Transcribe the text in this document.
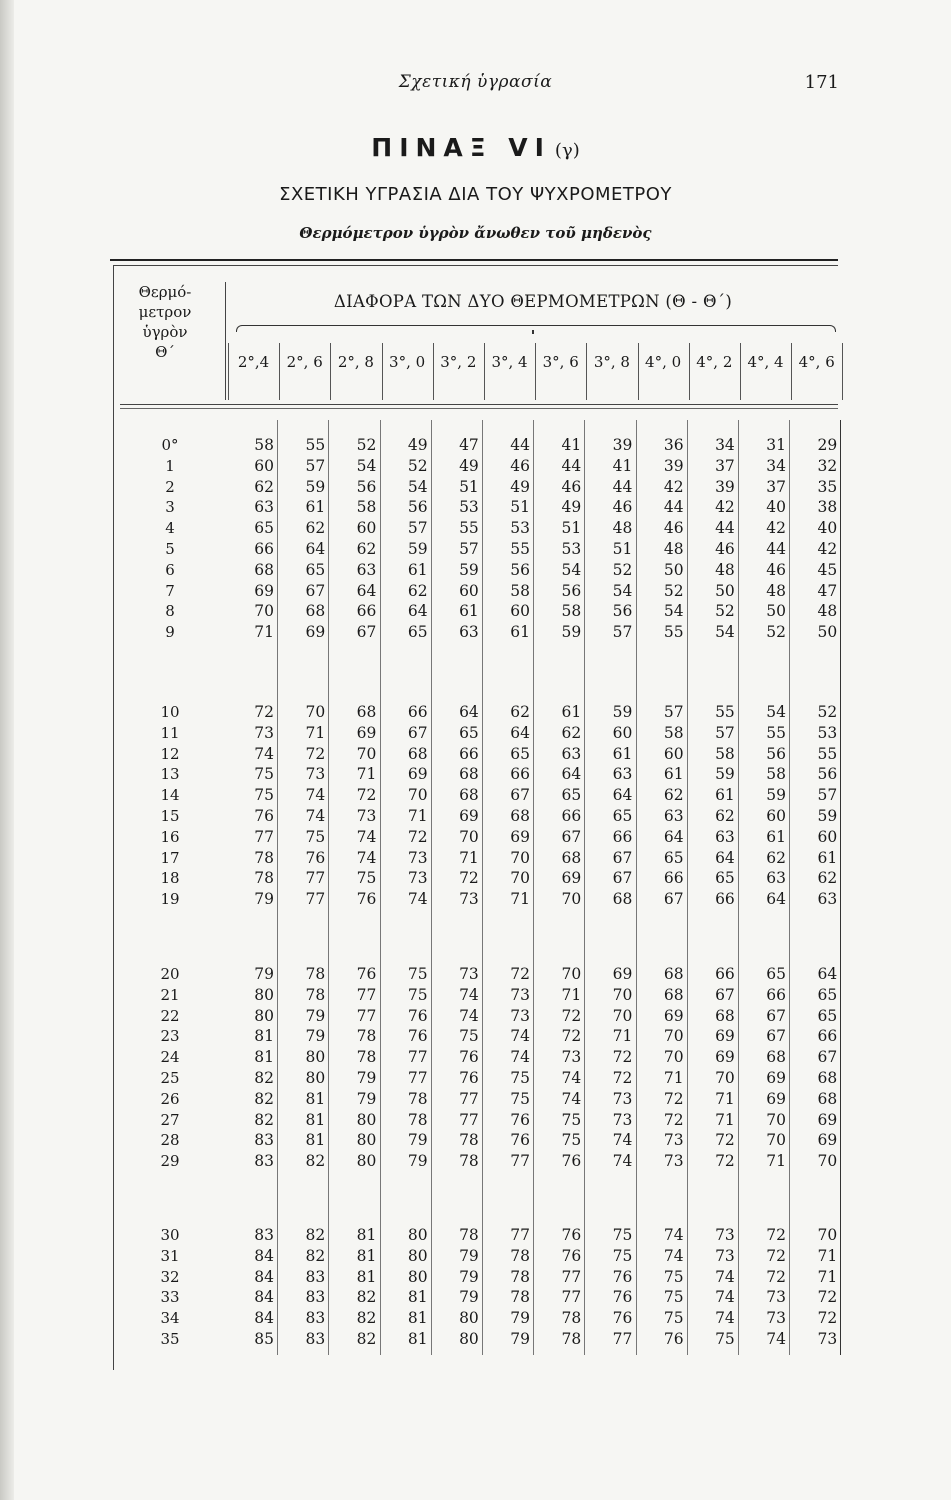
Σχετική ὑγρασία	171
ΠΙΝΑΞ VI (γ)
ΣΧΕΤΙΚΗ ΥΓΡΑΣΙΑ ΔΙΑ ΤΟΥ ΨΥΧΡΟΜΕΤΡΟΥ
Θερμόμετρον ὑγρὸν ἄνωθεν τοῦ μηδενὸς
Θερμό-
μετρον
ὑγρὸν
Θ΄
ΔΙΑΦΟΡΑ ΤΩΝ ΔΥΟ ΘΕΡΜΟΜΕΤΡΩΝ (Θ - Θ΄)
2°,4	2°, 6	2°, 8	3°, 0	3°, 2	3°, 4	3°, 6	3°, 8	4°, 0	4°, 2	4°, 4	4°, 6
0°	58	55	52	49	47	44	41	39	36	34	31	29
1	60	57	54	52	49	46	44	41	39	37	34	32
2	62	59	56	54	51	49	46	44	42	39	37	35
3	63	61	58	56	53	51	49	46	44	42	40	38
4	65	62	60	57	55	53	51	48	46	44	42	40
5	66	64	62	59	57	55	53	51	48	46	44	42
6	68	65	63	61	59	56	54	52	50	48	46	45
7	69	67	64	62	60	58	56	54	52	50	48	47
8	70	68	66	64	61	60	58	56	54	52	50	48
9	71	69	67	65	63	61	59	57	55	54	52	50
10	72	70	68	66	64	62	61	59	57	55	54	52
11	73	71	69	67	65	64	62	60	58	57	55	53
12	74	72	70	68	66	65	63	61	60	58	56	55
13	75	73	71	69	68	66	64	63	61	59	58	56
14	75	74	72	70	68	67	65	64	62	61	59	57
15	76	74	73	71	69	68	66	65	63	62	60	59
16	77	75	74	72	70	69	67	66	64	63	61	60
17	78	76	74	73	71	70	68	67	65	64	62	61
18	78	77	75	73	72	70	69	67	66	65	63	62
19	79	77	76	74	73	71	70	68	67	66	64	63
20	79	78	76	75	73	72	70	69	68	66	65	64
21	80	78	77	75	74	73	71	70	68	67	66	65
22	80	79	77	76	74	73	72	70	69	68	67	65
23	81	79	78	76	75	74	72	71	70	69	67	66
24	81	80	78	77	76	74	73	72	70	69	68	67
25	82	80	79	77	76	75	74	72	71	70	69	68
26	82	81	79	78	77	75	74	73	72	71	69	68
27	82	81	80	78	77	76	75	73	72	71	70	69
28	83	81	80	79	78	76	75	74	73	72	70	69
29	83	82	80	79	78	77	76	74	73	72	71	70
30	83	82	81	80	78	77	76	75	74	73	72	70
31	84	82	81	80	79	78	76	75	74	73	72	71
32	84	83	81	80	79	78	77	76	75	74	72	71
33	84	83	82	81	79	78	77	76	75	74	73	72
34	84	83	82	81	80	79	78	76	75	74	73	72
35	85	83	82	81	80	79	78	77	76	75	74	73
